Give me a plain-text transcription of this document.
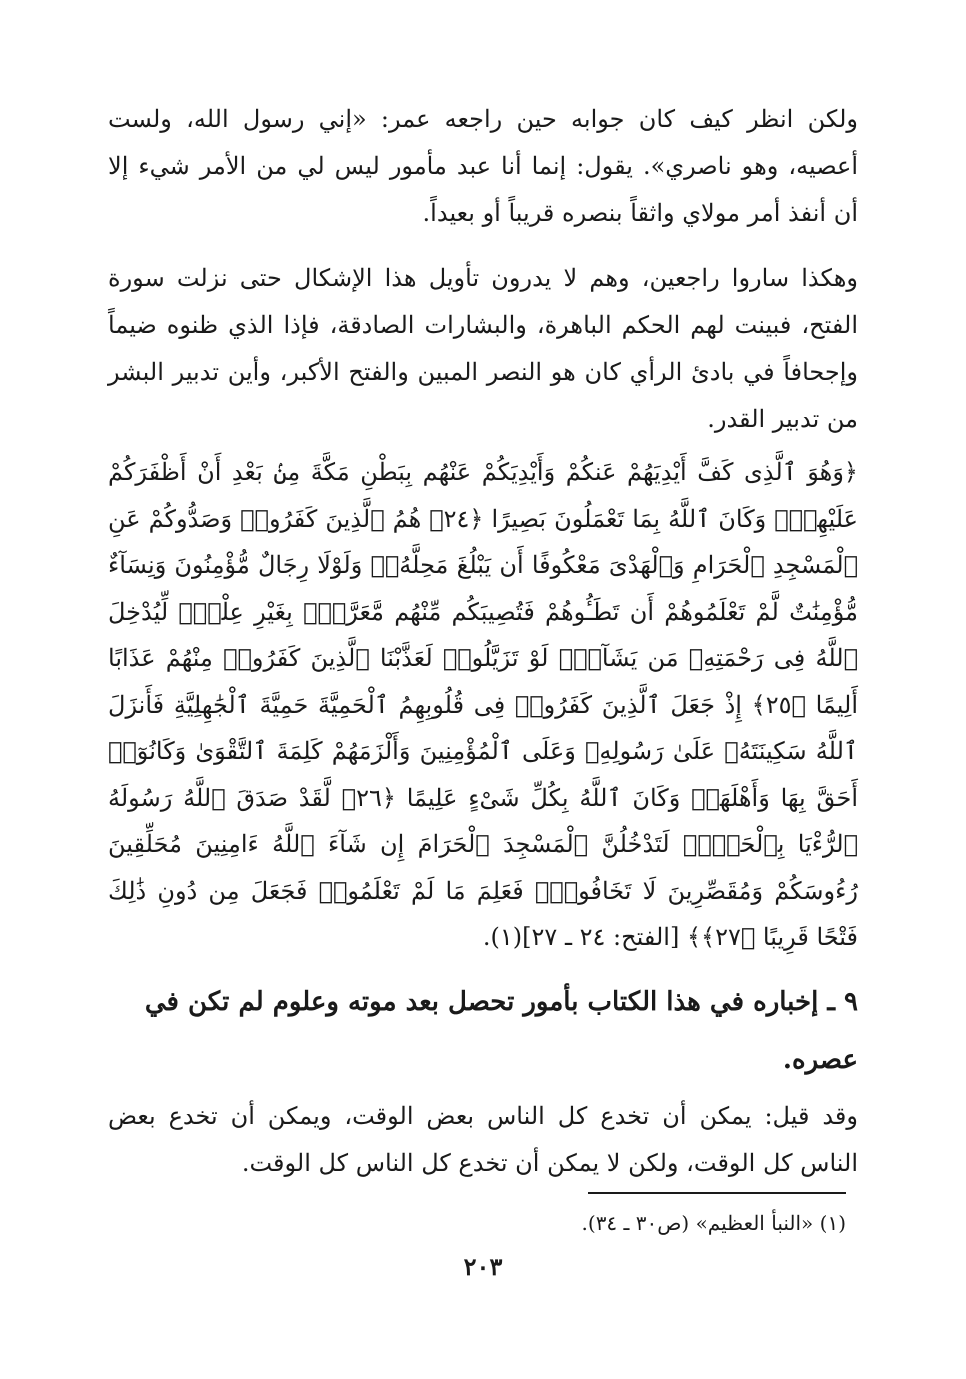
ولكن انظر كيف كان جوابه حين راجعه عمر: «إني رسول الله، ولست أعصيه، وهو ناصري». يقول: إنما أنا عبد مأمور ليس لي من الأمر شيء إلا أن أنفذ أمر مولاي واثقاً بنصره قريباً أو بعيداً.

وهكذا ساروا راجعين، وهم لا يدرون تأويل هذا الإشكال حتى نزلت سورة الفتح، فبينت لهم الحكم الباهرة، والبشارات الصادقة، فإذا الذي ظنوه ضيماً وإجحافاً في بادئ الرأي كان هو النصر المبين والفتح الأكبر، وأين تدبير البشر من تدبير القدر.

﴿وَهُوَ ٱلَّذِى كَفَّ أَيْدِيَهُمْ عَنكُمْ وَأَيْدِيَكُمْ عَنْهُم بِبَطْنِ مَكَّةَ مِنۢ بَعْدِ أَنْ أَظْفَرَكُمْ عَلَيْهِمْۚ وَكَانَ ٱللَّهُ بِمَا تَعْمَلُونَ بَصِيرًا ﴿٢٤﴾ هُمُ ٱلَّذِينَ كَفَرُوا۟ وَصَدُّوكُمْ عَنِ ٱلْمَسْجِدِ ٱلْحَرَامِ وَٱلْهَدْىَ مَعْكُوفًا أَن يَبْلُغَ مَحِلَّهُۥۚ وَلَوْلَا رِجَالٌ مُّؤْمِنُونَ وَنِسَآءٌ مُّؤْمِنَٰتٌ لَّمْ تَعْلَمُوهُمْ أَن تَطَـُٔوهُمْ فَتُصِيبَكُم مِّنْهُم مَّعَرَّةٌۢ بِغَيْرِ عِلْمٍۖ لِّيُدْخِلَ ٱللَّهُ فِى رَحْمَتِهِۦ مَن يَشَآءُۚ لَوْ تَزَيَّلُوا۟ لَعَذَّبْنَا ٱلَّذِينَ كَفَرُوا۟ مِنْهُمْ عَذَابًا أَلِيمًا ﴿٢٥﴾ إِذْ جَعَلَ ٱلَّذِينَ كَفَرُوا۟ فِى قُلُوبِهِمُ ٱلْحَمِيَّةَ حَمِيَّةَ ٱلْجَٰهِلِيَّةِ فَأَنزَلَ ٱللَّهُ سَكِينَتَهُۥ عَلَىٰ رَسُولِهِۦ وَعَلَى ٱلْمُؤْمِنِينَ وَأَلْزَمَهُمْ كَلِمَةَ ٱلتَّقْوَىٰ وَكَانُوٓا۟ أَحَقَّ بِهَا وَأَهْلَهَاۚ وَكَانَ ٱللَّهُ بِكُلِّ شَىْءٍ عَلِيمًا ﴿٢٦﴾ لَّقَدْ صَدَقَ ٱللَّهُ رَسُولَهُ ٱلرُّءْيَا بِٱلْحَقِّۖ لَتَدْخُلُنَّ ٱلْمَسْجِدَ ٱلْحَرَامَ إِن شَآءَ ٱللَّهُ ءَامِنِينَ مُحَلِّقِينَ رُءُوسَكُمْ وَمُقَصِّرِينَ لَا تَخَافُونَۖ فَعَلِمَ مَا لَمْ تَعْلَمُوا۟ فَجَعَلَ مِن دُونِ ذَٰلِكَ فَتْحًا قَرِيبًا ﴿٢٧﴾﴾ [الفتح: ٢٤ ـ ٢٧](١).

٩ ـ إخباره في هذا الكتاب بأمور تحصل بعد موته وعلوم لم تكن في عصره.

وقد قيل: يمكن أن تخدع كل الناس بعض الوقت، ويمكن أن تخدع بعض الناس كل الوقت، ولكن لا يمكن أن تخدع كل الناس كل الوقت.

(١) «النبأ العظيم» (ص٣٠ ـ ٣٤).
٢٠٣
